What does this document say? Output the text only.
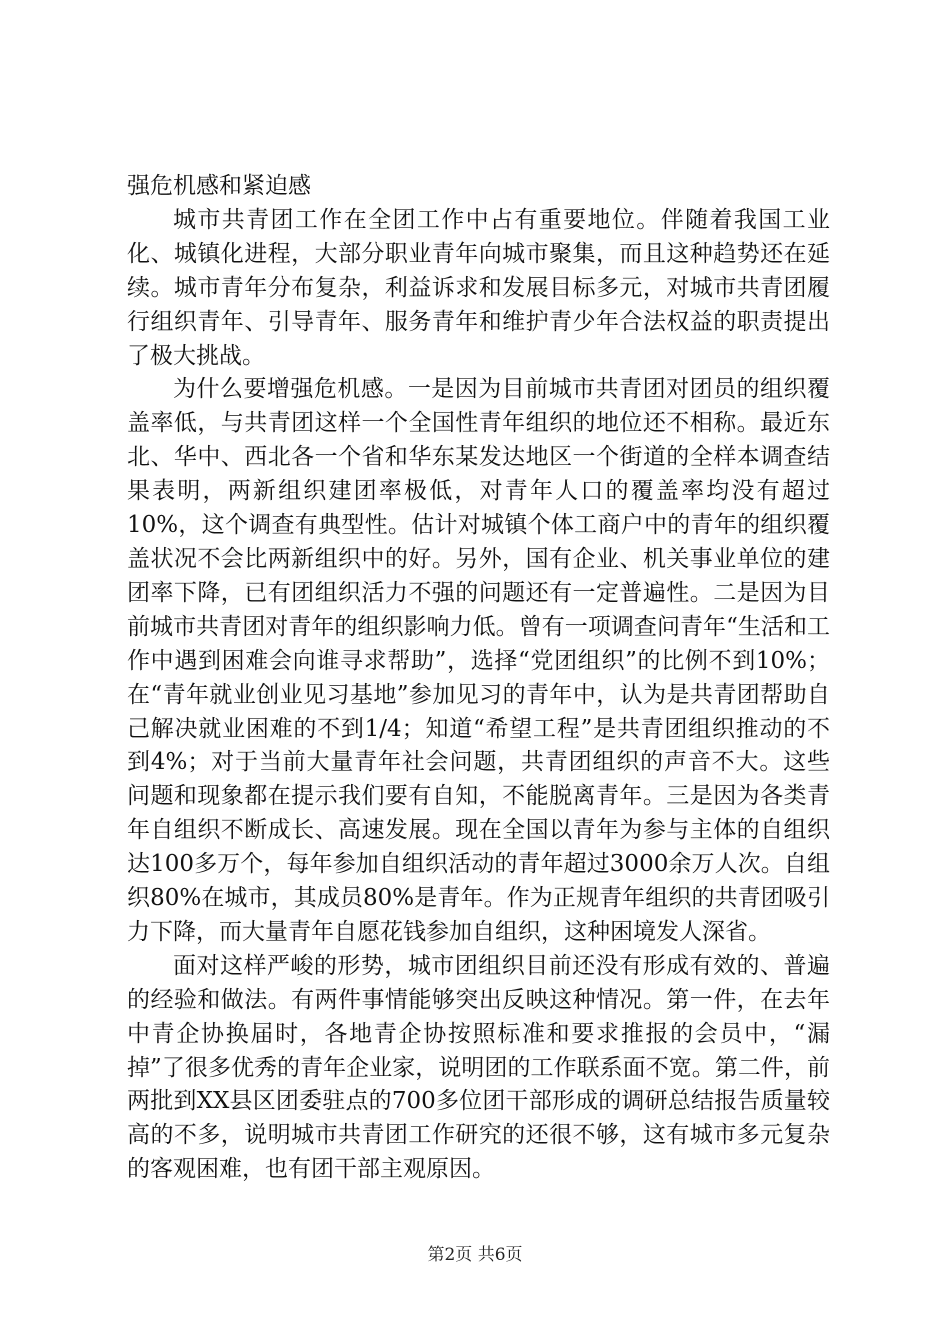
强危机感和紧迫感

城市共青团工作在全团工作中占有重要地位。伴随着我国工业化、城镇化进程，大部分职业青年向城市聚集，而且这种趋势还在延续。城市青年分布复杂，利益诉求和发展目标多元，对城市共青团履行组织青年、引导青年、服务青年和维护青少年合法权益的职责提出了极大挑战。

为什么要增强危机感。一是因为目前城市共青团对团员的组织覆盖率低，与共青团这样一个全国性青年组织的地位还不相称。最近东北、华中、西北各一个省和华东某发达地区一个街道的全样本调查结果表明，两新组织建团率极低，对青年人口的覆盖率均没有超过10%，这个调查有典型性。估计对城镇个体工商户中的青年的组织覆盖状况不会比两新组织中的好。另外，国有企业、机关事业单位的建团率下降，已有团组织活力不强的问题还有一定普遍性。二是因为目前城市共青团对青年的组织影响力低。曾有一项调查问青年“生活和工作中遇到困难会向谁寻求帮助”，选择“党团组织”的比例不到10%；在“青年就业创业见习基地”参加见习的青年中，认为是共青团帮助自己解决就业困难的不到1/4；知道“希望工程”是共青团组织推动的不到4%；对于当前大量青年社会问题，共青团组织的声音不大。这些问题和现象都在提示我们要有自知，不能脱离青年。三是因为各类青年自组织不断成长、高速发展。现在全国以青年为参与主体的自组织达100多万个，每年参加自组织活动的青年超过3000余万人次。自组织80%在城市，其成员80%是青年。作为正规青年组织的共青团吸引力下降，而大量青年自愿花钱参加自组织，这种困境发人深省。

面对这样严峻的形势，城市团组织目前还没有形成有效的、普遍的经验和做法。有两件事情能够突出反映这种情况。第一件，在去年中青企协换届时，各地青企协按照标准和要求推报的会员中，“漏掉”了很多优秀的青年企业家，说明团的工作联系面不宽。第二件，前两批到XX县区团委驻点的700多位团干部形成的调研总结报告质量较高的不多，说明城市共青团工作研究的还很不够，这有城市多元复杂的客观困难，也有团干部主观原因。

第2页 共6页
